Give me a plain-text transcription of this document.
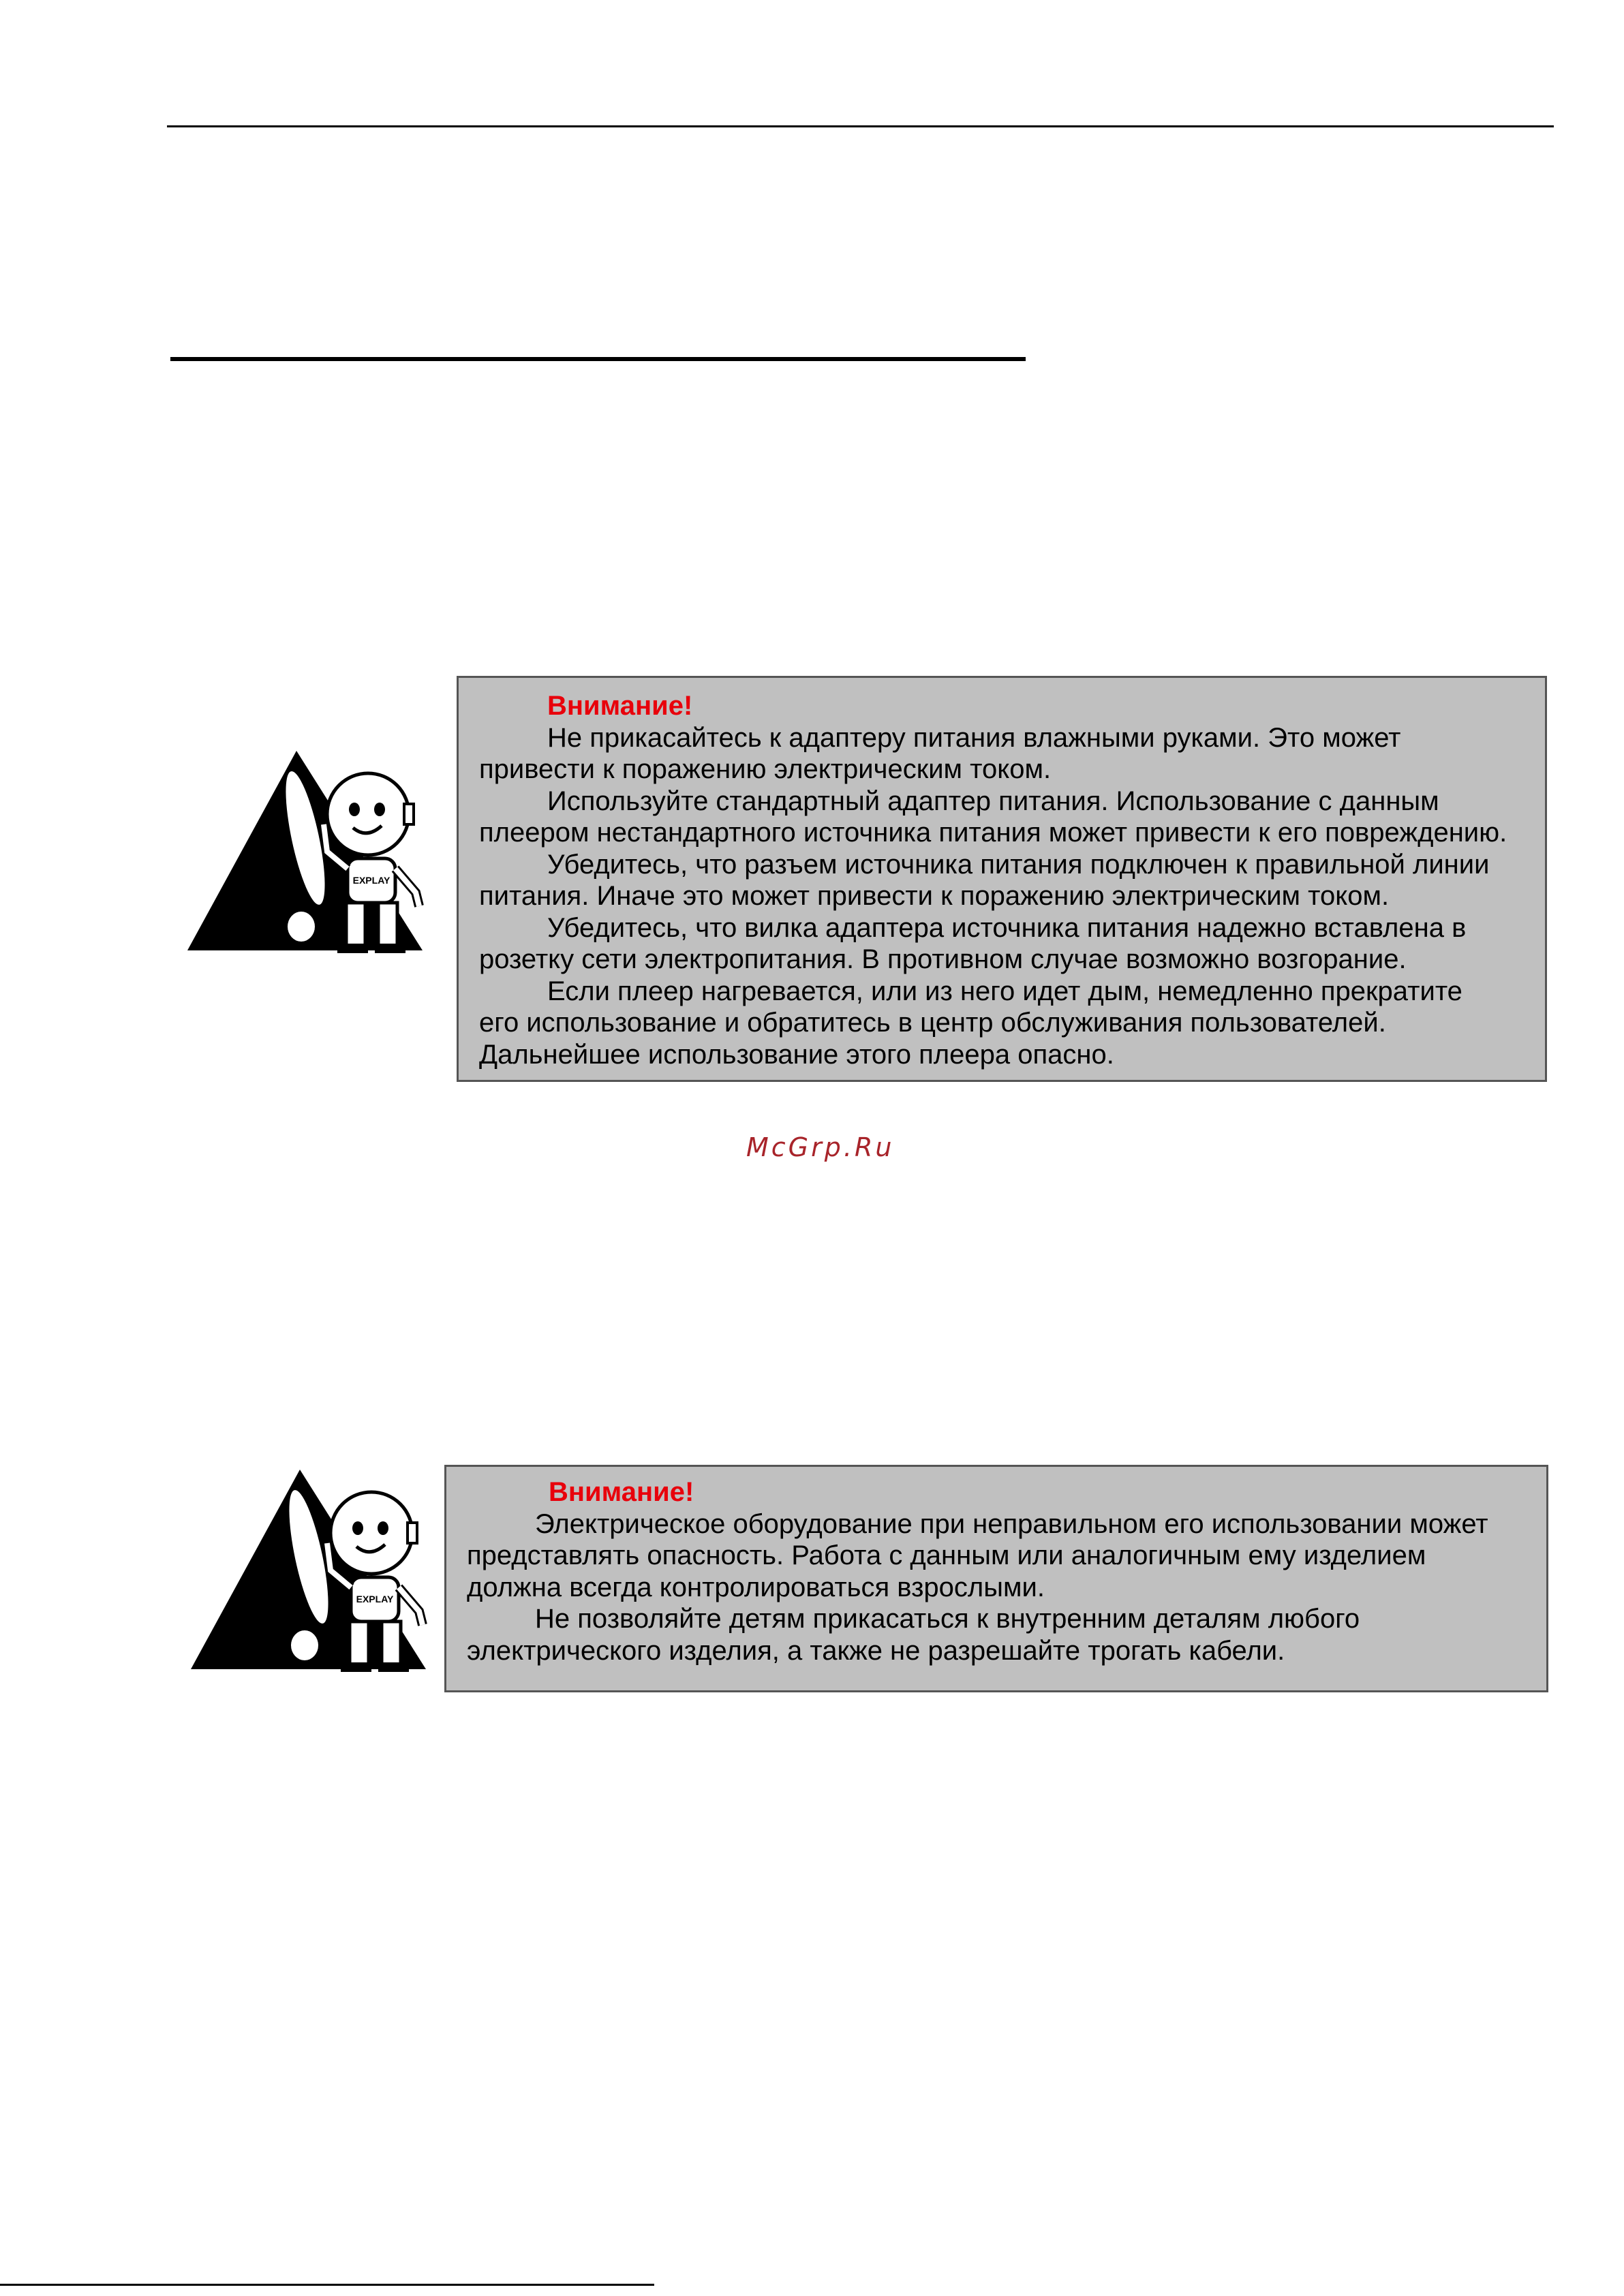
EXPLAY
Внимание!

Не прикасайтесь к адаптеру питания влажными руками. Это может

привести к поражению электрическим током.

Используйте стандартный адаптер питания. Использование с данным

плеером нестандартного источника питания может привести к его повреждению.

Убедитесь, что разъем источника питания подключен к правильной линии

питания. Иначе это может привести к поражению электрическим током.

Убедитесь, что вилка адаптера источника питания надежно вставлена в

розетку сети электропитания. В противном случае возможно возгорание.

Если плеер нагревается, или из него идет дым, немедленно прекратите

его использование и обратитесь в центр обслуживания пользователей.

Дальнейшее использование этого плеера опасно.

McGrp.Ru
EXPLAY
Внимание!

Электрическое оборудование при неправильном его использовании может

представлять опасность. Работа с данным или аналогичным ему изделием

должна всегда контролироваться взрослыми.

Не позволяйте детям прикасаться к внутренним деталям любого

электрического изделия, а также не разрешайте трогать кабели.
